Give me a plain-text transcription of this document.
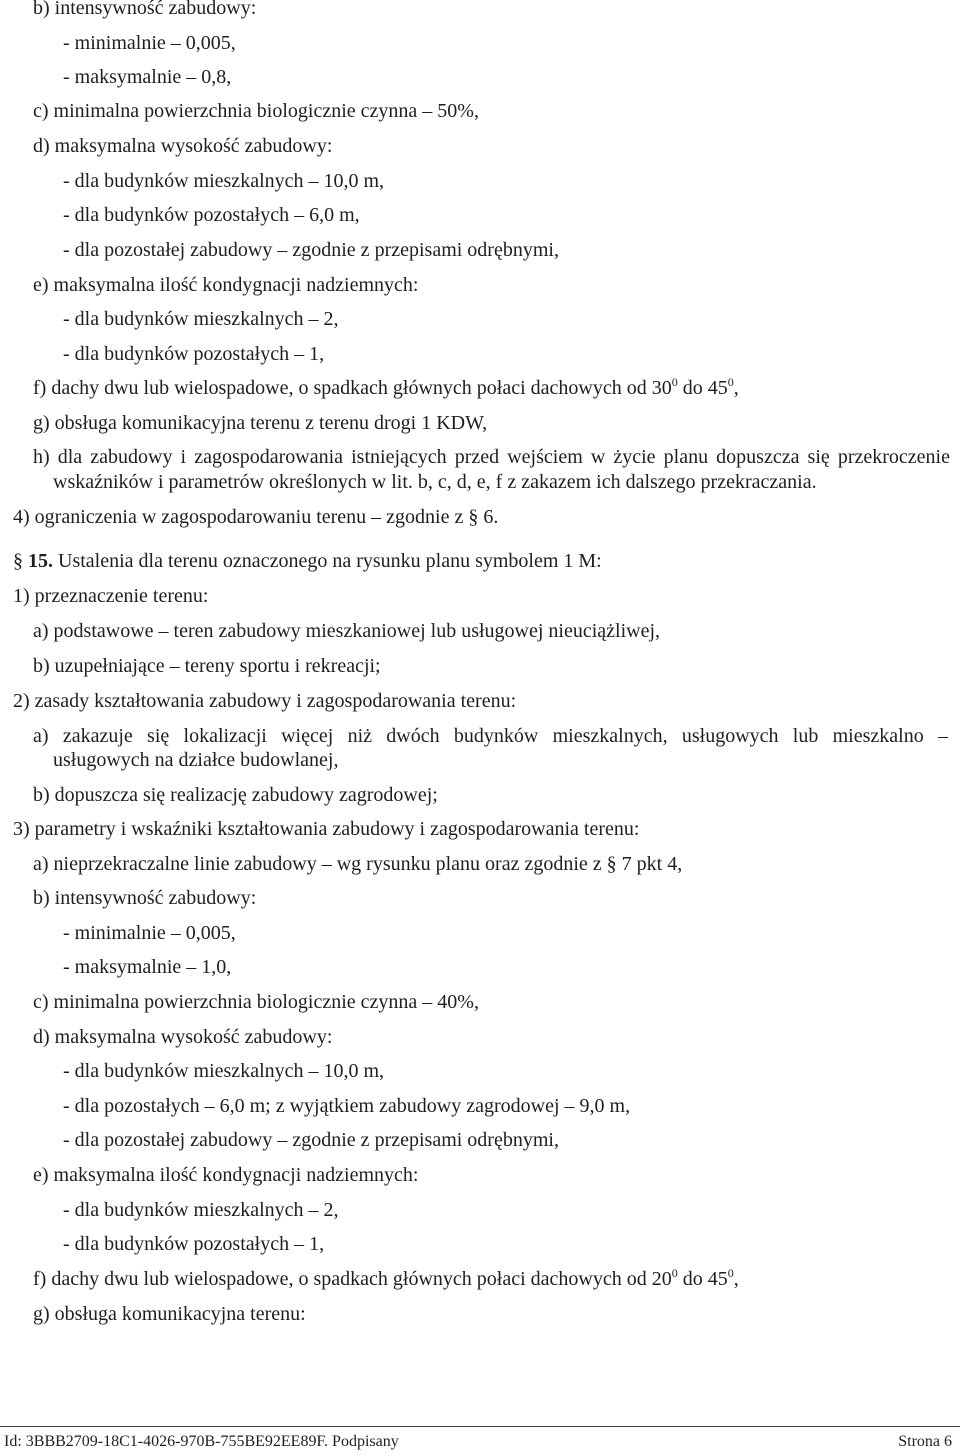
b) intensywność zabudowy:
- minimalnie – 0,005,
- maksymalnie – 0,8,
c) minimalna powierzchnia biologicznie czynna – 50%,
d) maksymalna wysokość zabudowy:
- dla budynków mieszkalnych – 10,0 m,
- dla budynków pozostałych – 6,0 m,
- dla pozostałej zabudowy – zgodnie z przepisami odrębnymi,
e) maksymalna ilość kondygnacji nadziemnych:
- dla budynków mieszkalnych – 2,
- dla budynków pozostałych – 1,
f) dachy dwu lub wielospadowe, o spadkach głównych połaci dachowych od $30^0$ do $45^0$,
g) obsługa komunikacyjna terenu z terenu drogi 1 KDW,
h) dla zabudowy i zagospodarowania istniejących przed wejściem w życie planu dopuszcza się przekroczenie
wskaźników i parametrów określonych w lit. b, c, d, e, f z zakazem ich dalszego przekraczania.
4) ograniczenia w zagospodarowaniu terenu – zgodnie z § 6.
§ 15. Ustalenia dla terenu oznaczonego na rysunku planu symbolem 1 M:
1) przeznaczenie terenu:
a) podstawowe – teren zabudowy mieszkaniowej lub usługowej nieuciążliwej,
b) uzupełniające – tereny sportu i rekreacji;
2) zasady kształtowania zabudowy i zagospodarowania terenu:
a) zakazuje się lokalizacji więcej niż dwóch budynków mieszkalnych, usługowych lub mieszkalno –
usługowych na działce budowlanej,
b) dopuszcza się realizację zabudowy zagrodowej;
3) parametry i wskaźniki kształtowania zabudowy i zagospodarowania terenu:
a) nieprzekraczalne linie zabudowy – wg rysunku planu oraz zgodnie z § 7 pkt 4,
b) intensywność zabudowy:
- minimalnie – 0,005,
- maksymalnie – 1,0,
c) minimalna powierzchnia biologicznie czynna – 40%,
d) maksymalna wysokość zabudowy:
- dla budynków mieszkalnych – 10,0 m,
- dla pozostałych – 6,0 m; z wyjątkiem zabudowy zagrodowej – 9,0 m,
- dla pozostałej zabudowy – zgodnie z przepisami odrębnymi,
e) maksymalna ilość kondygnacji nadziemnych:
- dla budynków mieszkalnych – 2,
- dla budynków pozostałych – 1,
f) dachy dwu lub wielospadowe, o spadkach głównych połaci dachowych od $20^0$ do $45^0$,
g) obsługa komunikacyjna terenu:
Id: 3BBB2709-18C1-4026-970B-755BE92EE89F. Podpisany	Strona 6
